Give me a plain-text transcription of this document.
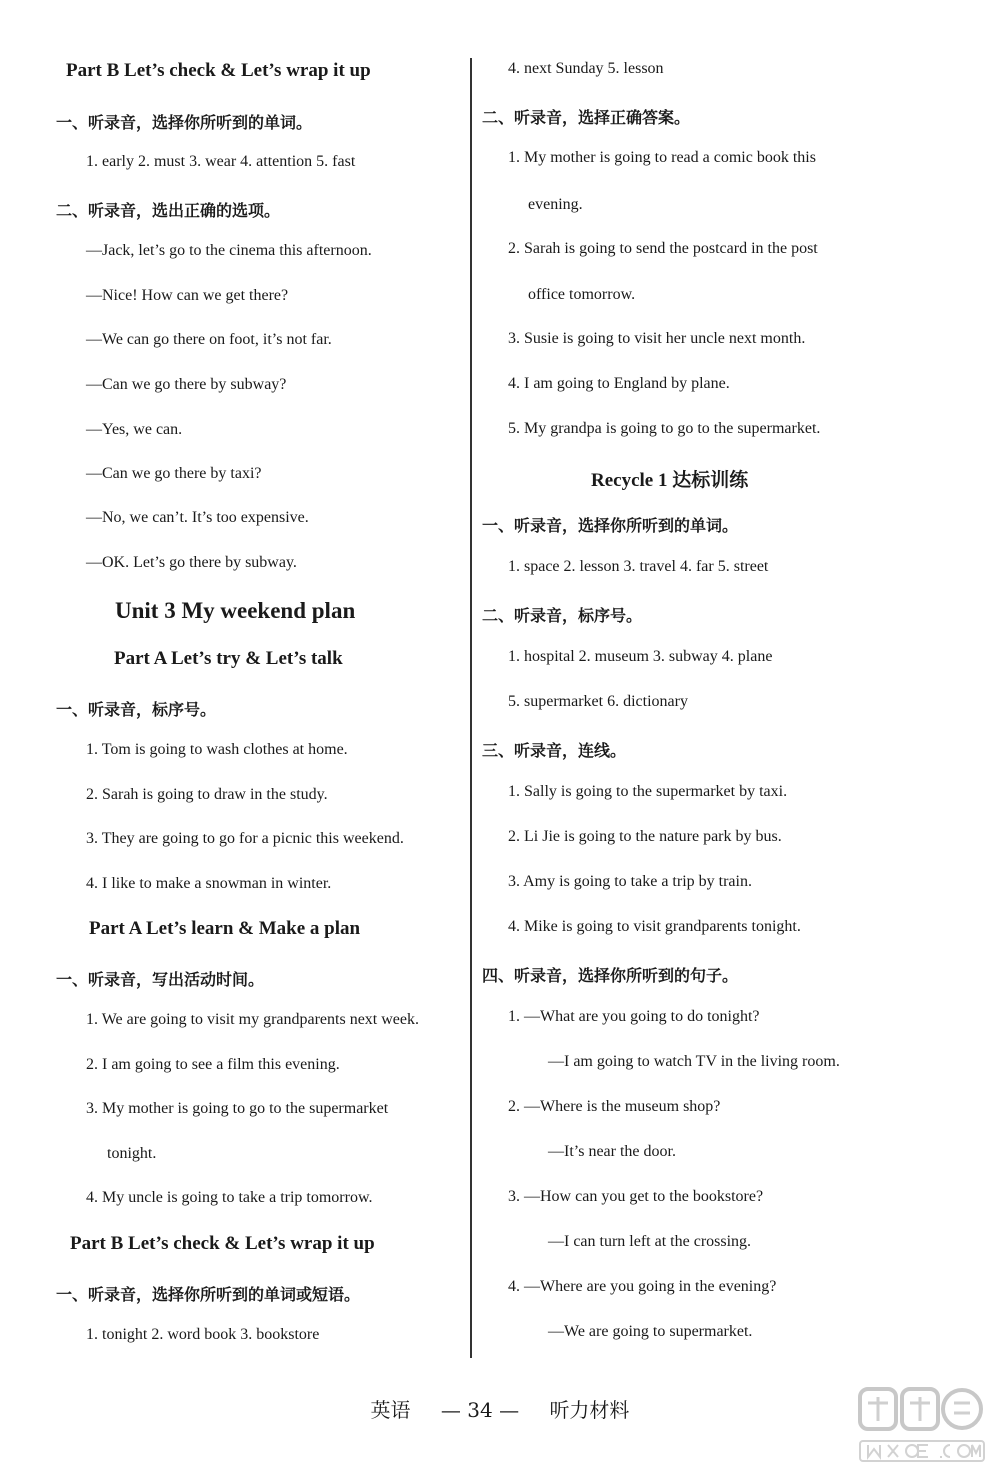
Part B Let’s check & Let’s wrap it up
一、听录音，选择你所听到的单词。
1. early 2. must 3. wear 4. attention 5. fast
二、听录音，选出正确的选项。
—Jack, let’s go to the cinema this afternoon.
—Nice! How can we get there?
—We can go there on foot, it’s not far.
—Can we go there by subway?
—Yes, we can.
—Can we go there by taxi?
—No, we can’t. It’s too expensive.
—OK. Let’s go there by subway.
Unit 3 My weekend plan
Part A Let’s try & Let’s talk
一、听录音，标序号。
1. Tom is going to wash clothes at home.
2. Sarah is going to draw in the study.
3. They are going to go for a picnic this weekend.
4. I like to make a snowman in winter.
Part A Let’s learn & Make a plan
一、听录音，写出活动时间。
1. We are going to visit my grandparents next week.
2. I am going to see a film this evening.
3. My mother is going to go to the supermarket
tonight.
4. My uncle is going to take a trip tomorrow.
Part B Let’s check & Let’s wrap it up
一、听录音，选择你所听到的单词或短语。
1. tonight 2. word book 3. bookstore
4. next Sunday 5. lesson
二、听录音，选择正确答案。
1. My mother is going to read a comic book this
evening.
2. Sarah is going to send the postcard in the post
office tomorrow.
3. Susie is going to visit her uncle next month.
4. I am going to England by plane.
5. My grandpa is going to go to the supermarket.
Recycle 1 达标训练
一、听录音，选择你所听到的单词。
1. space 2. lesson 3. travel 4. far 5. street
二、听录音，标序号。
1. hospital 2. museum 3. subway 4. plane
5. supermarket 6. dictionary
三、听录音，连线。
1. Sally is going to the supermarket by taxi.
2. Li Jie is going to the nature park by bus.
3. Amy is going to take a trip by train.
4. Mike is going to visit grandparents tonight.
四、听录音，选择你所听到的句子。
1. —What are you going to do tonight?
—I am going to watch TV in the living room.
2. —Where is the museum shop?
—It’s near the door.
3. —How can you get to the bookstore?
—I can turn left at the crossing.
4. —Where are you going in the evening?
—We are going to supermarket.
英语 — 34 — 听力材料
